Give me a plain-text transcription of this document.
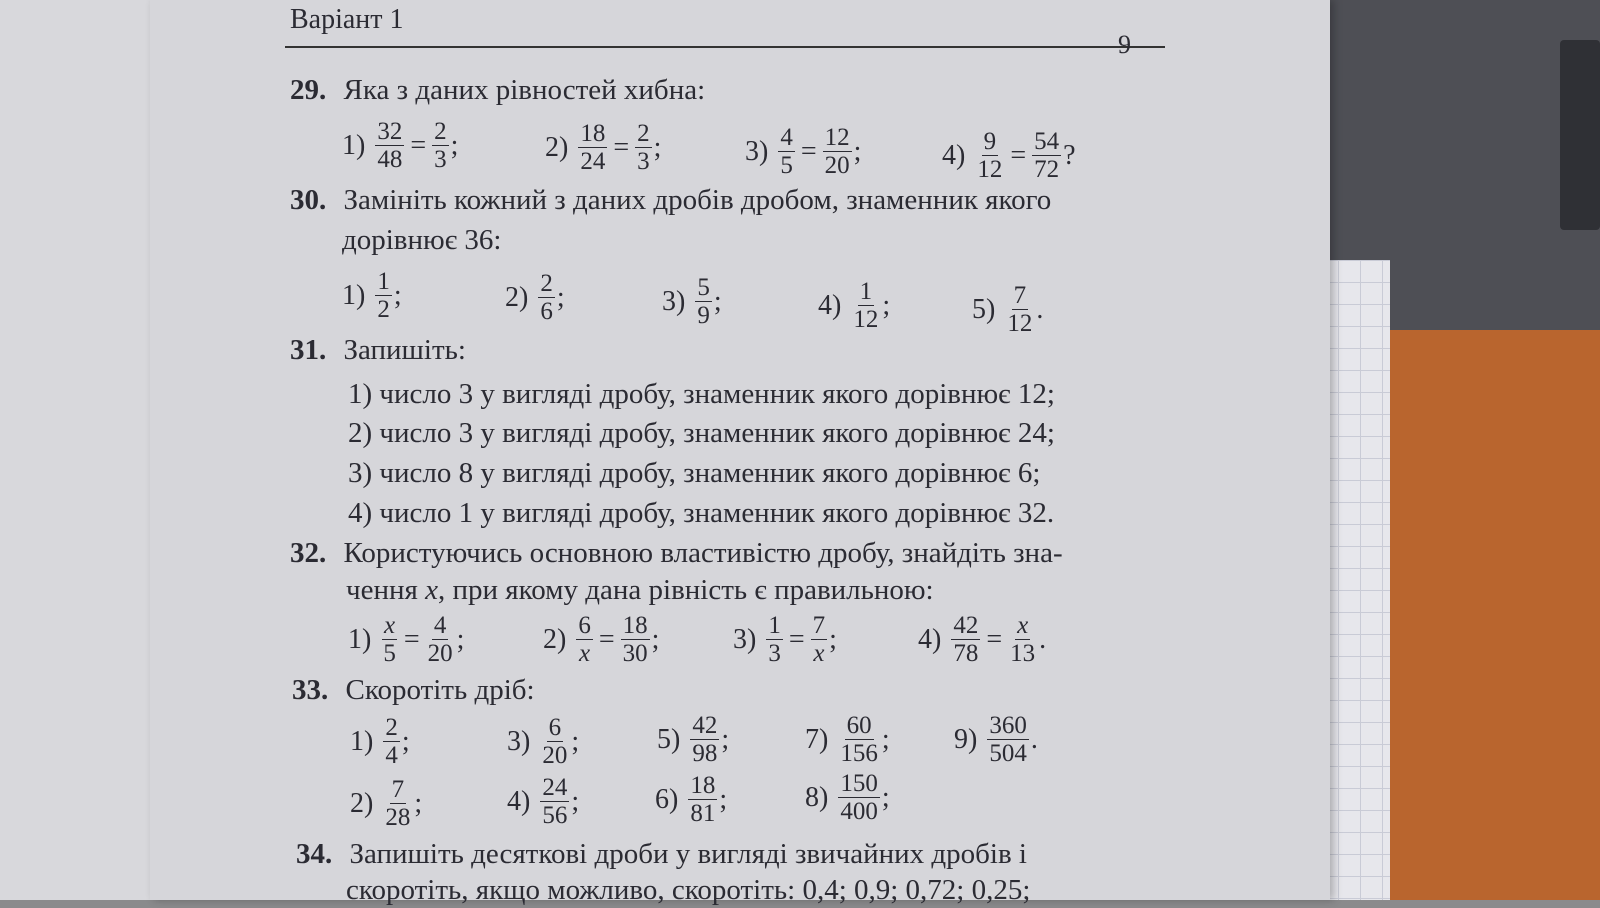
Варіант 1
9
29. Яка з даних рівностей хибна:
$1) \frac{32}{48} = \frac{2}{3}$ ;	$2) \frac{18}{24} = \frac{2}{3}$ ;	$3) \frac{4}{5} = \frac{12}{20}$ ;	$4) \frac{9}{12} = \frac{54}{72}$ ?
30. Замініть кожний з даних дробів дробом, знаменник якого
дорівнює 36:
$1) \frac{1}{2}$ ;	$2) \frac{2}{6}$ ;	$3) \frac{5}{9}$ ;	$4) \frac{1}{12}$ ;	$5) \frac{7}{12}$ .
31. Запишіть:
1) число 3 у вигляді дробу, знаменник якого дорівнює 12;
2) число 3 у вигляді дробу, знаменник якого дорівнює 24;
3) число 8 у вигляді дробу, знаменник якого дорівнює 6;
4) число 1 у вигляді дробу, знаменник якого дорівнює 32.
32. Користуючись основною властивістю дробу, знайдіть зна-
чення x, при якому дана рівність є правильною:
$1) \frac{x}{5} = \frac{4}{20}$ ;	$2) \frac{6}{x} = \frac{18}{30}$ ;	$3) \frac{1}{3} = \frac{7}{x}$ ;	$4) \frac{42}{78} = \frac{x}{13}$ .
33. Скоротіть дріб:
$1) \frac{2}{4}$ ;	$3) \frac{6}{20}$ ;	$5) \frac{42}{98}$ ;	$7) \frac{60}{156}$ ; $9) \frac{360}{504}$ .
$2) \frac{7}{28}$ ;	$4) \frac{24}{56}$ ;	$6) \frac{18}{81}$ ;	$8) \frac{150}{400}$ ;
34. Запишіть десяткові дроби у вигляді звичайних дробів і
скоротіть, якщо можливо, скоротіть: 0,4; 0,9; 0,72; 0,25;
